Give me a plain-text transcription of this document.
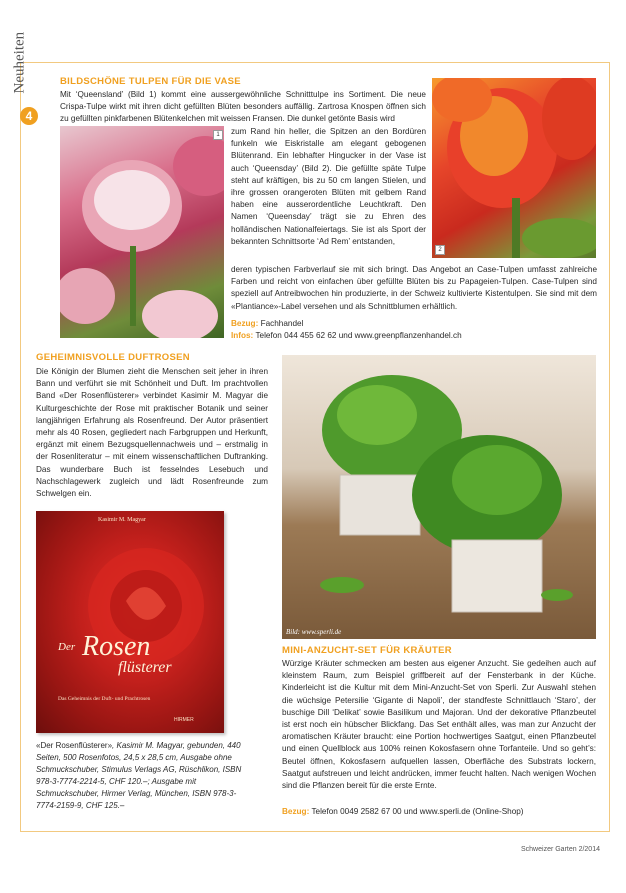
Neuheiten
4
BILDSCHÖNE TULPEN FÜR DIE VASE
2
Mit ‘Queensland’ (Bild 1) kommt eine aussergewöhnliche Schnitttulpe ins Sortiment. Die neue Crispa-Tulpe wirkt mit ihren dicht gefüllten Blüten besonders auffällig. Zartrosa Knospen öffnen sich zu gefüllten pinkfarbenen Blütenkelchen mit weissen Fransen. Die dunkel getönte Basis wird
1	zum Rand hin heller, die Spitzen an den Bordüren funkeln wie Eiskristalle am elegant gebogenen Blütenrand. Ein lebhafter Hingucker in der Vase ist auch ‘Queensday’ (Bild 2). Die gefüllte späte Tulpe steht auf kräftigen, bis zu 50 cm langen Stielen, und ihre grossen orangeroten Blüten mit gelbem Rand haben eine ausserordentliche Leuchtkraft. Den Namen ‘Queensday’ trägt sie zu Ehren des holländischen Nationalfeiertags. Sie ist als Sport der bekannten Schnittsorte ‘Ad Rem’ entstanden,
deren typischen Farbverlauf sie mit sich bringt. Das Angebot an Case-Tulpen umfasst zahlreiche Farben und reicht von einfachen über gefüllte Blüten bis zu Papageien-Tulpen. Case-Tulpen sind speziell auf Antreibwochen hin produzierte, in der Schweiz kultivierte Kistentulpen. Sie sind mit dem «Plantiance»-Label versehen und als Schnittblumen erhältlich.
Bezug: Fachhandel
Infos: Telefon 044 455 62 62 und www.greenpflanzenhandel.ch
GEHEIMNISVOLLE DUFTROSEN
Die Königin der Blumen zieht die Menschen seit jeher in ihren Bann und verführt sie mit Schönheit und Duft. Im prachtvollen Band «Der Rosenflüsterer» verbindet Kasimir M. Magyar die Kulturgeschichte der Rose mit praktischer Botanik und seiner langjährigen Erfahrung als Rosenfreund. Der Autor präsentiert mehr als 40 Rosen, gegliedert nach Farbgruppen und Herkunft, ergänzt mit einem Bezugsquellennachweis und – erstmalig in der Rosenliteratur – mit einem wissenschaftlichen Duftranking. Das wunderbare Buch ist fesselndes Lesebuch und Nachschlagewerk zugleich und lädt Rosenfreunde zum Schwelgen ein.
Kasimir M. Magyar
Der Rosen
flüsterer
Das Geheimnis der Duft- und Prachtrosen
HIRMER
«Der Rosenflüsterer», Kasimir M. Magyar, gebunden, 440 Seiten, 500 Rosenfotos, 24,5 x 28,5 cm, Ausgabe ohne Schmuckschuber, Stimulus Verlags AG, Rüschlikon, ISBN 978-3-7774-2214-5, CHF 120.–; Ausgabe mit Schmuckschuber, Hirmer Verlag, München, ISBN 978-3-7774-2159-9, CHF 125.–
Bild: www.sperli.de
MINI-ANZUCHT-SET FÜR KRÄUTER
Würzige Kräuter schmecken am besten aus eigener Anzucht. Sie gedeihen auch auf kleinstem Raum, zum Beispiel griffbereit auf der Fensterbank in der Küche. Kinderleicht ist die Kultur mit dem Mini-Anzucht-Set von Sperli. Zur Auswahl stehen die wüchsige Petersilie ‘Gigante di Napoli’, der standfeste Schnittlauch ‘Staro’, der buschige Dill ‘Delikat’ sowie Basilikum und Majoran. Und der dekorative Pflanzbeutel ist erst noch ein hübscher Blickfang. Das Set enthält alles, was man zur Anzucht der aromatischen Kräuter braucht: eine Portion hochwertiges Saatgut, einen Pflanzbeutel und einen Quellblock aus 100% reinen Kokosfasern ohne Torfanteile. Und so geht’s: Beutel öffnen, Kokosfasern aufquellen lassen, Oberfläche des Substrats lockern, Saatgut aufstreuen und leicht andrücken, immer feucht halten. Nach wenigen Wochen sind die Pflanzen bereit für die erste Ernte.
Bezug: Telefon 0049 2582 67 00 und www.sperli.de (Online-Shop)
Schweizer Garten 2/2014
